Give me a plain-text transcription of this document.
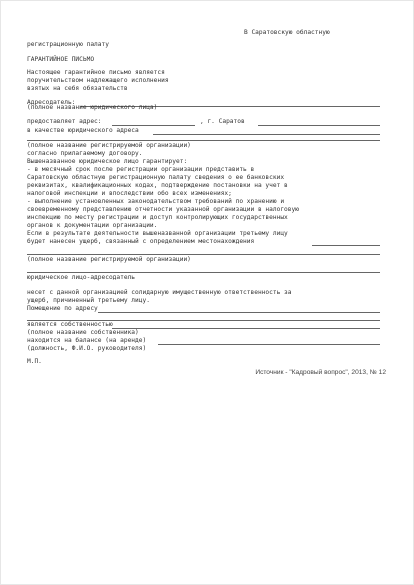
В Саратовскую областную
регистрационную палату
ГАРАНТИЙНОЕ ПИСЬМО
Настоящее гарантийное письмо является
поручительством надлежащего исполнения
взятых на себя обязательств
Адресодатель:
(полное название юридического лица)
предоставляет адрес:	, г. Саратов
в качестве юридического адреса
(полное название регистрируемой организации)
согласно прилагаемому договору.
Вышеназванное юридическое лицо гарантирует:
- в месячный срок после регистрации организации представить в
Саратовскую областную регистрационную палату сведения о ее банковских
реквизитах, квалификационных кодах, подтверждение постановки на учет в
налоговой инспекции и впоследствии обо всех изменениях;
- выполнение установленных законодательством требований по хранению и
своевременному представлению отчетности указанной организации в налоговую
инспекцию по месту регистрации и доступ контролирующих государственных
органов к документации организации.
Если в результате деятельности вышеназванной организации третьему лицу
будет нанесен ущерб, связанный с определением местонахождения
(полное название регистрируемой организации)
юридическое лицо-адресодатель
несет с данной организацией солидарную имущественную ответственность за
ущерб, причиненный третьему лицу.
Помещение по адресу
является собственностью
(полное название собственника)
находится на балансе (на аренде)
(должность, Ф.И.О. руководителя)
М.П.
Источник - "Кадровый вопрос", 2013, № 12
